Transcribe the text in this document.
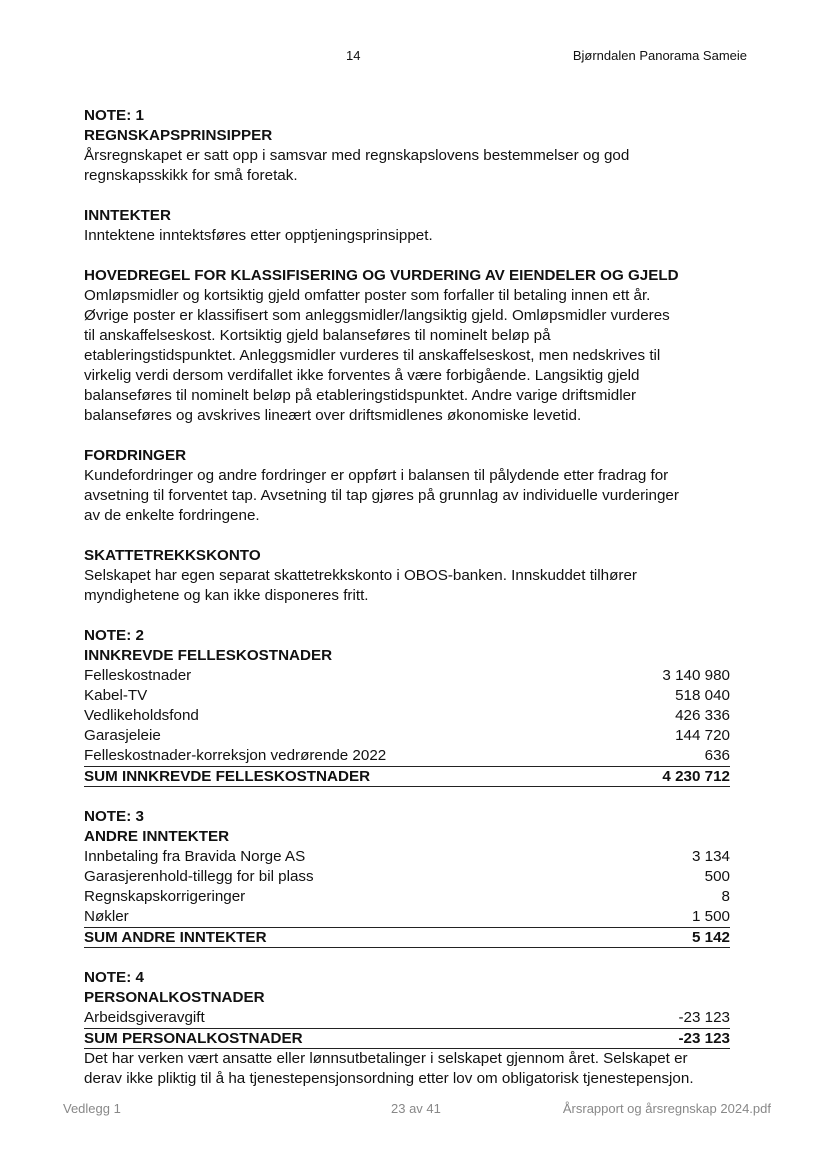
14	Bjørndalen Panorama Sameie
NOTE: 1
REGNSKAPSPRINSIPPER
Årsregnskapet er satt opp i samsvar med regnskapslovens bestemmelser og god
regnskapsskikk for små foretak.
INNTEKTER
Inntektene inntektsføres etter opptjeningsprinsippet.
HOVEDREGEL FOR KLASSIFISERING OG VURDERING AV EIENDELER OG GJELD
Omløpsmidler og kortsiktig gjeld omfatter poster som forfaller til betaling innen ett år.
Øvrige poster er klassifisert som anleggsmidler/langsiktig gjeld. Omløpsmidler vurderes
til anskaffelseskost. Kortsiktig gjeld balanseføres til nominelt beløp på
etableringstidspunktet. Anleggsmidler vurderes til anskaffelseskost, men nedskrives til
virkelig verdi dersom verdifallet ikke forventes å være forbigående. Langsiktig gjeld
balanseføres til nominelt beløp på etableringstidspunktet. Andre varige driftsmidler
balanseføres og avskrives lineært over driftsmidlenes økonomiske levetid.
FORDRINGER
Kundefordringer og andre fordringer er oppført i balansen til pålydende etter fradrag for
avsetning til forventet tap. Avsetning til tap gjøres på grunnlag av individuelle vurderinger
av de enkelte fordringene.
SKATTETREKKSKONTO
Selskapet har egen separat skattetrekkskonto i OBOS-banken. Innskuddet tilhører
myndighetene og kan ikke disponeres fritt.
NOTE: 2
INNKREVDE FELLESKOSTNADER
Felleskostnader	3 140 980
Kabel-TV	518 040
Vedlikeholdsfond	426 336
Garasjeleie	144 720
Felleskostnader-korreksjon vedrørende 2022	636
SUM INNKREVDE FELLESKOSTNADER	4 230 712
NOTE: 3
ANDRE INNTEKTER
Innbetaling fra Bravida Norge AS	3 134
Garasjerenhold-tillegg for bil plass	500
Regnskapskorrigeringer	8
Nøkler	1 500
SUM ANDRE INNTEKTER	5 142
NOTE: 4
PERSONALKOSTNADER
Arbeidsgiveravgift	-23 123
SUM PERSONALKOSTNADER	-23 123
Det har verken vært ansatte eller lønnsutbetalinger i selskapet gjennom året. Selskapet er
derav ikke pliktig til å ha tjenestepensjonsordning etter lov om obligatorisk tjenestepensjon.
Vedlegg 1	23 av 41	Årsrapport og årsregnskap 2024.pdf
